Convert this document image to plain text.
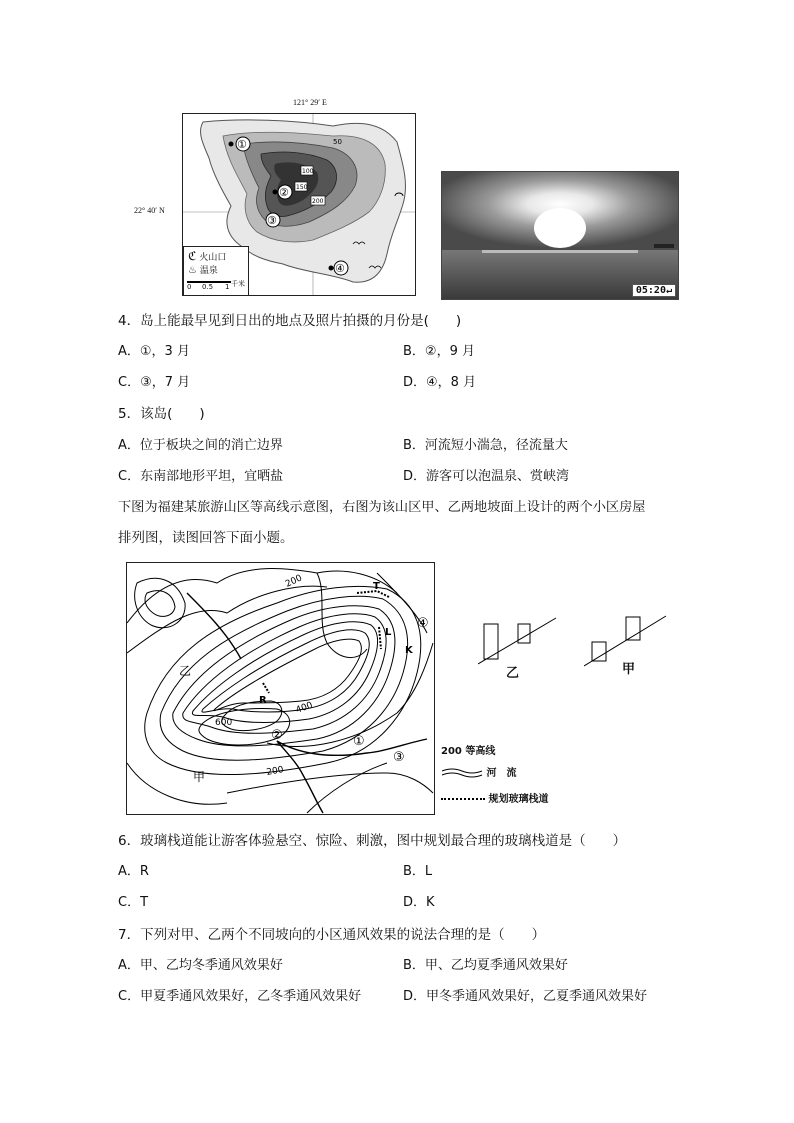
121° 29′ E
22° 40′ N
50
100
150
200
①
②
③
④
ℭ 火山口
♨ 温泉
0 0.5 1 千米
05:20↵
4．岛上能最早见到日出的地点及照片拍摄的月份是(　　)
A．①，3 月	B．②，9 月
C．③，7 月	D．④，8 月
5．该岛(　　)
A．位于板块之间的消亡边界	B．河流短小湍急，径流量大
C．东南部地形平坦，宜晒盐	D．游客可以泡温泉、赏峡湾
下图为福建某旅游山区等高线示意图，右图为该山区甲、乙两地坡面上设计的两个小区房屋
排列图，读图回答下面小题。
200
600
400
200
T
L
K
R
乙
甲
④
②	①
③	200 等高线
河　流
规划玻璃栈道
乙	甲
6．玻璃栈道能让游客体验悬空、惊险、刺激，图中规划最合理的玻璃栈道是（　　）
A．R	B．L
C．T	D．K
7．下列对甲、乙两个不同坡向的小区通风效果的说法合理的是（　　）
A．甲、乙均冬季通风效果好	B．甲、乙均夏季通风效果好
C．甲夏季通风效果好，乙冬季通风效果好	D．甲冬季通风效果好，乙夏季通风效果好
